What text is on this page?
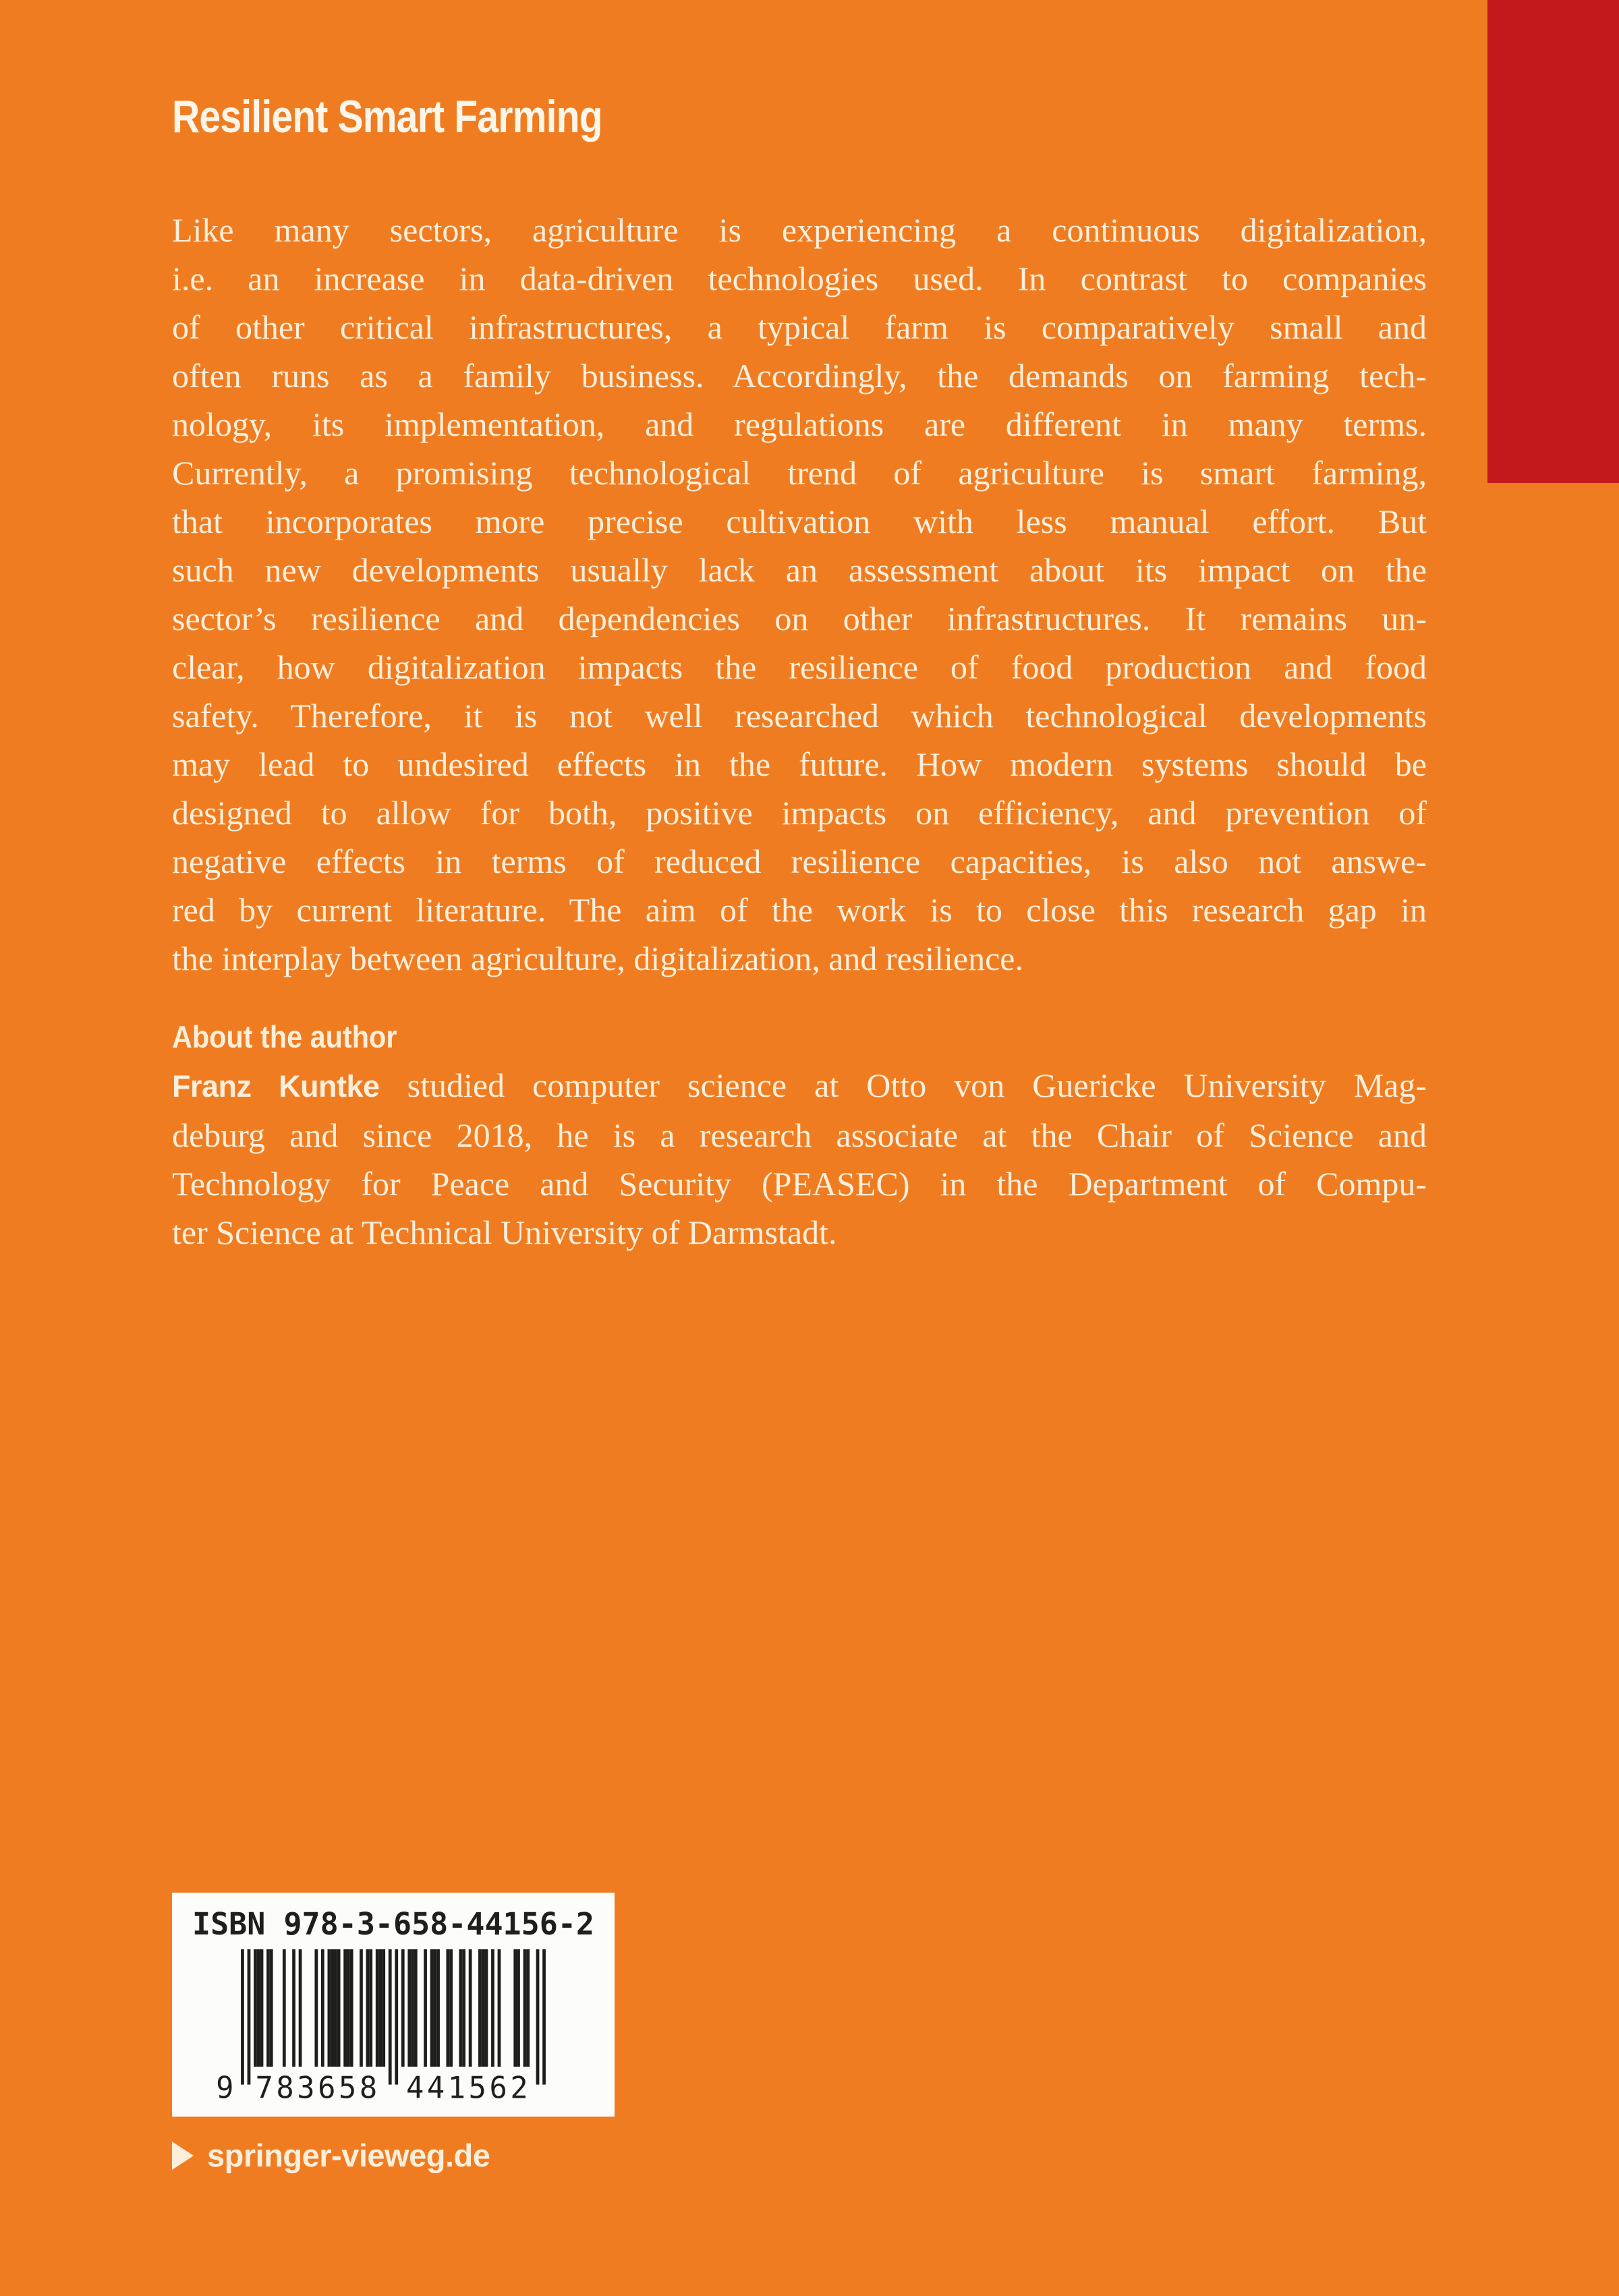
Resilient Smart Farming
Like many sectors, agriculture is experiencing a continuous digitalization,
i.e. an increase in data-driven technologies used. In contrast to companies
of other critical infrastructures, a typical farm is comparatively small and
often runs as a family business. Accordingly, the demands on farming tech-
nology, its implementation, and regulations are different in many terms.
Currently, a promising technological trend of agriculture is smart farming,
that incorporates more precise cultivation with less manual effort. But
such new developments usually lack an assessment about its impact on the
sector’s resilience and dependencies on other infrastructures. It remains un-
clear, how digitalization impacts the resilience of food production and food
safety. Therefore, it is not well researched which technological developments
may lead to undesired effects in the future. How modern systems should be
designed to allow for both, positive impacts on efficiency, and prevention of
negative effects in terms of reduced resilience capacities, is also not answe-
red by current literature. The aim of the work is to close this research gap in
the interplay between agriculture, digitalization, and resilience.
About the author
Franz Kuntke studied computer science at Otto von Guericke University Mag-
deburg and since 2018, he is a research associate at the Chair of Science and
Technology for Peace and Security (PEASEC) in the Department of Compu-
ter Science at Technical University of Darmstadt.
ISBN 978-3-658-44156-2
9	783658	441562
springer-vieweg.de
